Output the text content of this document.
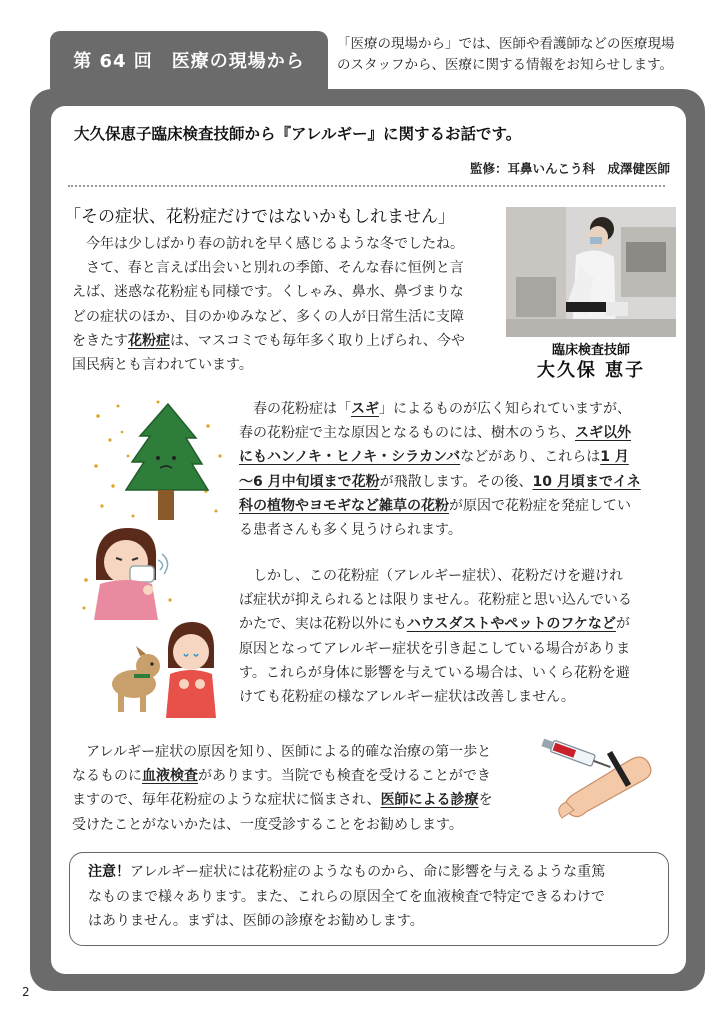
第 64 回　医療の現場から
「医療の現場から」では、医師や看護師などの医療現場
のスタッフから、医療に関する情報をお知らせします。
大久保恵子臨床検査技師から『アレルギー』に関するお話です。
監修：耳鼻いんこう科　成澤健医師
「その症状、花粉症だけではないかもしれません」
今年は少しばかり春の訪れを早く感じるような冬でしたね。
さて、春と言えば出会いと別れの季節、そんな春に恒例と言
えば、迷惑な花粉症も同様です。くしゃみ、鼻水、鼻づまりな
どの症状のほか、目のかゆみなど、多くの人が日常生活に支障
をきたす花粉症は、マスコミでも毎年多く取り上げられ、今や
国民病とも言われています。
臨床検査技師
大久保 恵子
春の花粉症は「スギ」によるものが広く知られていますが、
春の花粉症で主な原因となるものには、樹木のうち、スギ以外
にもハンノキ・ヒノキ・シラカンバなどがあり、これらは1 月
〜6 月中旬頃まで花粉が飛散します。その後、10 月頃までイネ
科の植物やヨモギなど雑草の花粉が原因で花粉症を発症してい
る患者さんも多く見うけられます。
しかし、この花粉症（アレルギー症状）、花粉だけを避けれ
ば症状が抑えられるとは限りません。花粉症と思い込んでいる
かたで、実は花粉以外にもハウスダストやペットのフケなどが
原因となってアレルギー症状を引き起こしている場合がありま
す。これらが身体に影響を与えている場合は、いくら花粉を避
けても花粉症の様なアレルギー症状は改善しません。
アレルギー症状の原因を知り、医師による的確な治療の第一歩と
なるものに血液検査があります。当院でも検査を受けることができ
ますので、毎年花粉症のような症状に悩まされ、医師による診療を
受けたことがないかたは、一度受診することをお勧めします。
注意！アレルギー症状には花粉症のようなものから、命に影響を与えるような重篤
なものまで様々あります。また、これらの原因全てを血液検査で特定できるわけで
はありません。まずは、医師の診療をお勧めします。
2
